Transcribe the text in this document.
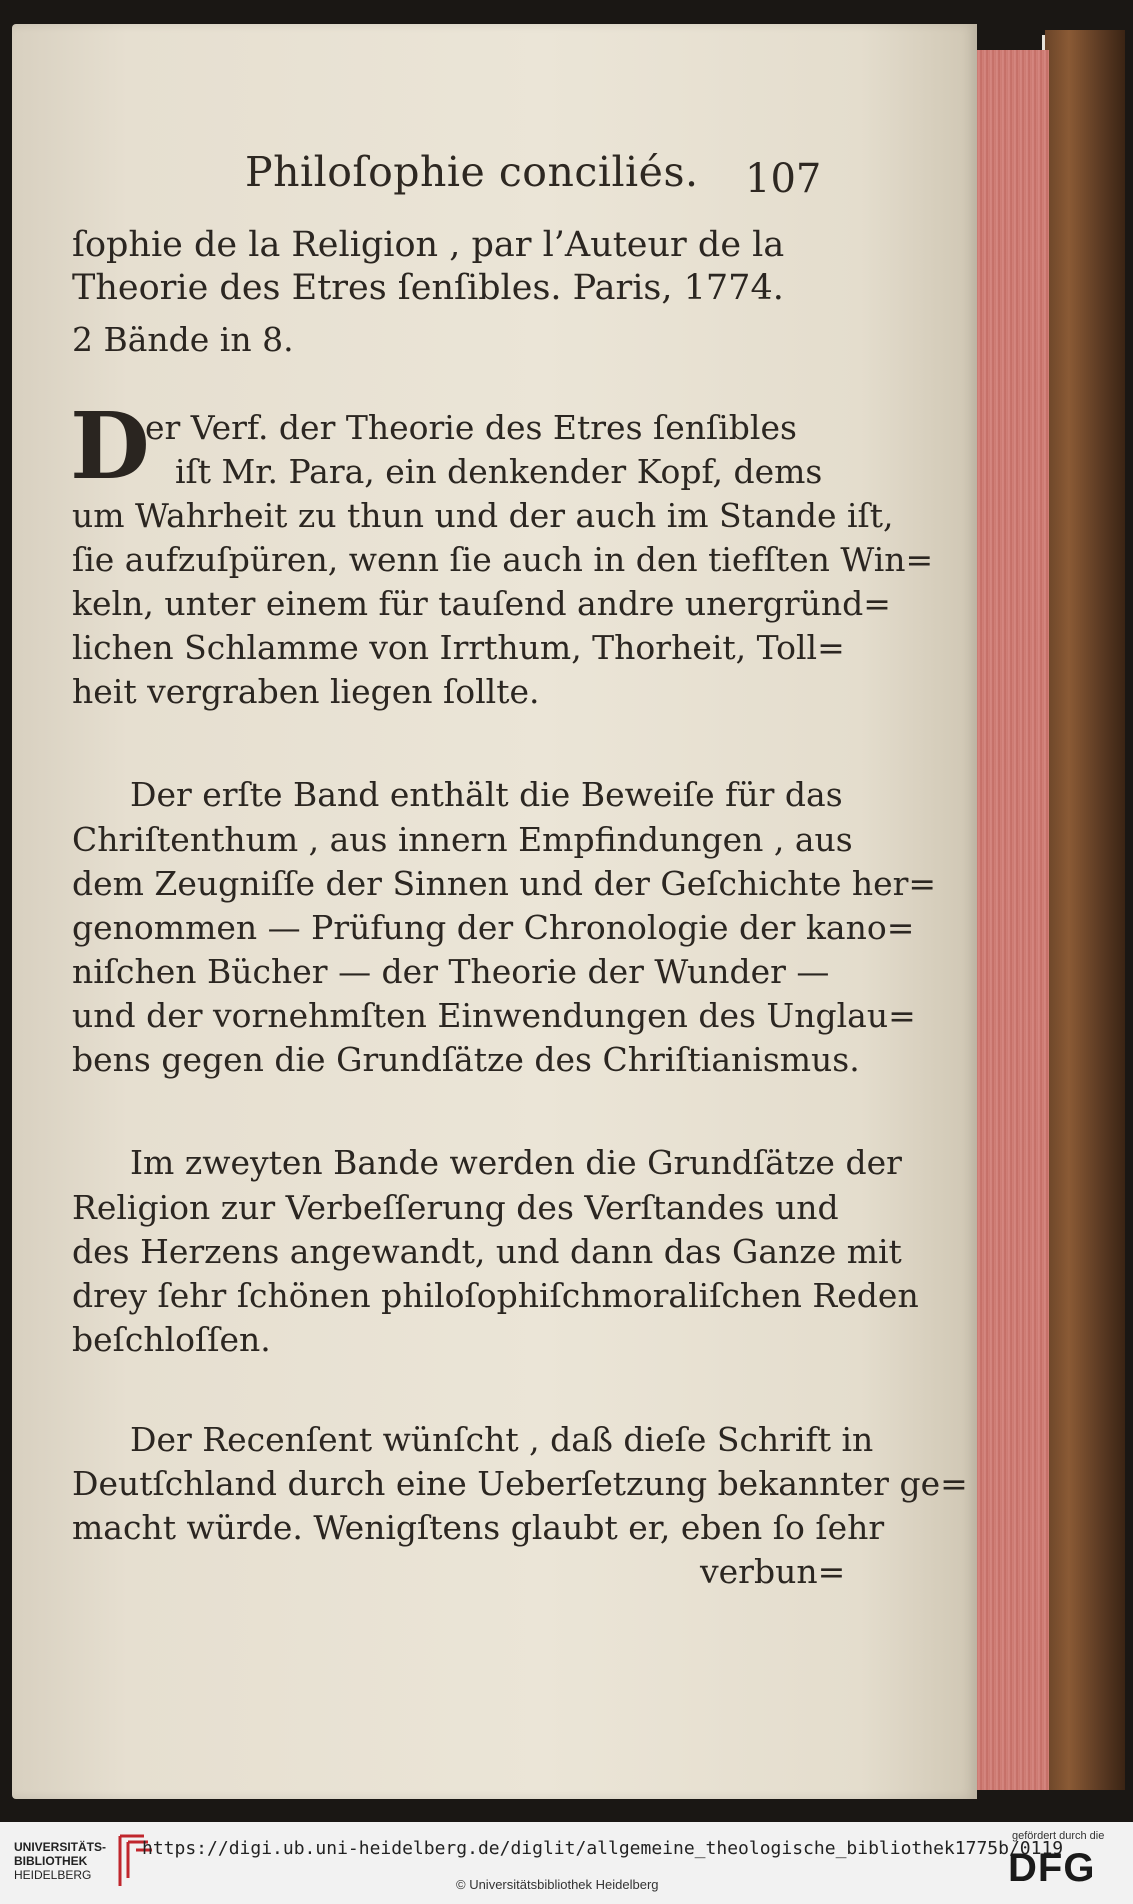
Philoſophie conciliés. 107
ſophie de la Religion , par l’Auteur de la
Theorie des Etres ſenſibles. Paris, 1774.
2 Bände in 8.
D
er Verf. der Theorie des Etres ſenſibles
iſt Mr. Para, ein denkender Kopf, dems
um Wahrheit zu thun und der auch im Stande iſt,
ſie aufzuſpüren, wenn ſie auch in den tiefſten Win=
keln, unter einem für tauſend andre unergründ=
lichen Schlamme von Irrthum, Thorheit, Toll=
heit vergraben liegen ſollte.
Der erſte Band enthält die Beweiſe für das
Chriſtenthum , aus innern Empfindungen , aus
dem Zeugniſſe der Sinnen und der Geſchichte her=
genommen — Prüfung der Chronologie der kano=
niſchen Bücher — der Theorie der Wunder —
und der vornehmſten Einwendungen des Unglau=
bens gegen die Grundſätze des Chriſtianismus.
Im zweyten Bande werden die Grundſätze der
Religion zur Verbeſſerung des Verſtandes und
des Herzens angewandt, und dann das Ganze mit
drey ſehr ſchönen philoſophiſchmoraliſchen Reden
beſchloſſen.
Der Recenſent wünſcht , daß dieſe Schrift in
Deutſchland durch eine Ueberſetzung bekannter ge=
macht würde. Wenigſtens glaubt er, eben ſo ſehr
verbun=
UNIVERSITÄTS-
BIBLIOTHEK
HEIDELBERG
https://digi.ub.uni-heidelberg.de/diglit/allgemeine_theologische_bibliothek1775b/0119
© Universitätsbibliothek Heidelberg
gefördert durch die
DFG
